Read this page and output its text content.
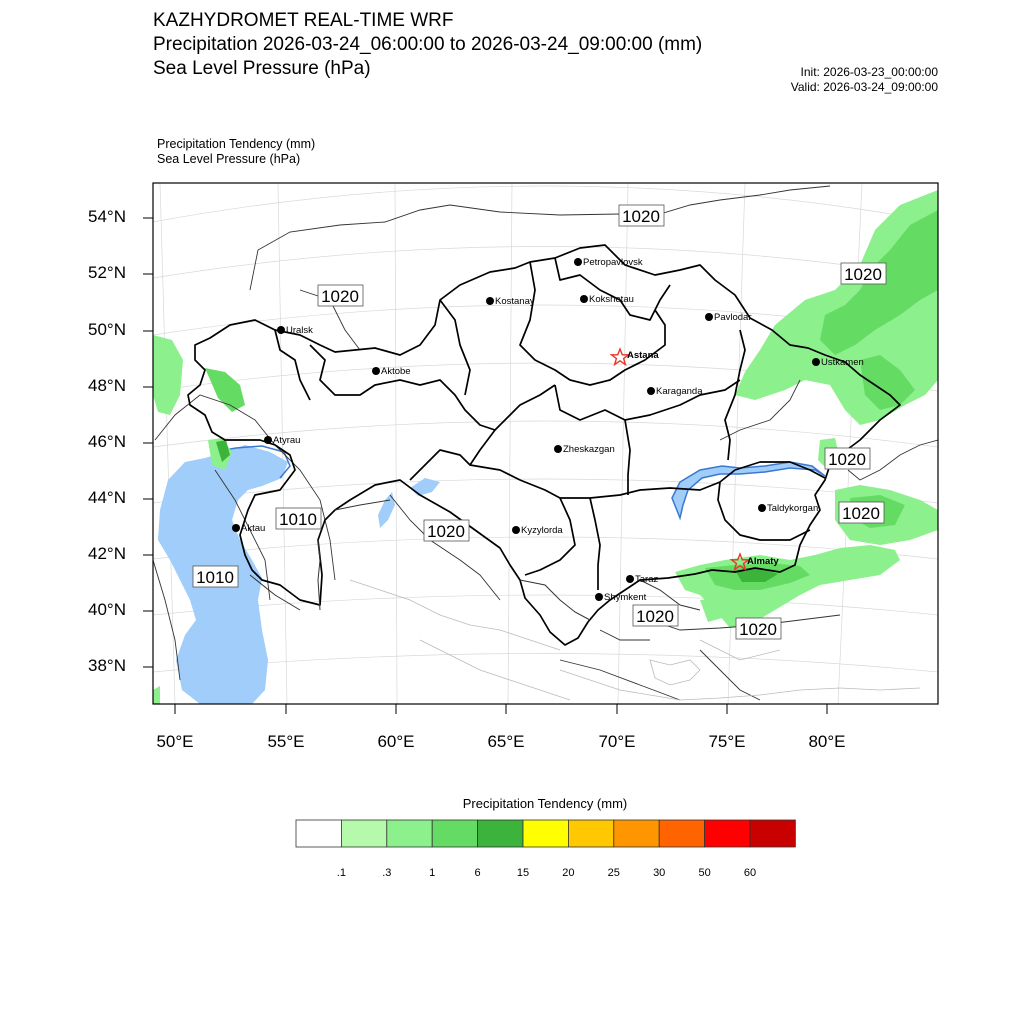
KAZHYDROMET REAL-TIME WRF
Precipitation 2026-03-24_06:00:00 to 2026-03-24_09:00:00 (mm)
Sea Level Pressure (hPa)	Init: 2026-03-23_00:00:00
Valid: 2026-03-24_09:00:00
Precipitation Tendency (mm)
Sea Level Pressure (hPa)
1020
1020
1020
1010
1020
1010
1020
1020
1020
1020
Petropavlovsk
Kostanay	Kokshetau
Pavlodar
Uralsk
Astana
Aktobe
Ustkamen
Karaganda
Atyrau
Zheskazgan
Taldykorgan
Aktau	Kyzylorda
Almaty
Taraz
Shymkent
54°N
52°N
50°N
48°N
46°N
44°N
42°N
40°N
38°N
50°E	55°E	60°E	65°E	70°E	75°E	80°E
Precipitation Tendency (mm)
.1	.3	1	6	15	20	25	30	50	60
